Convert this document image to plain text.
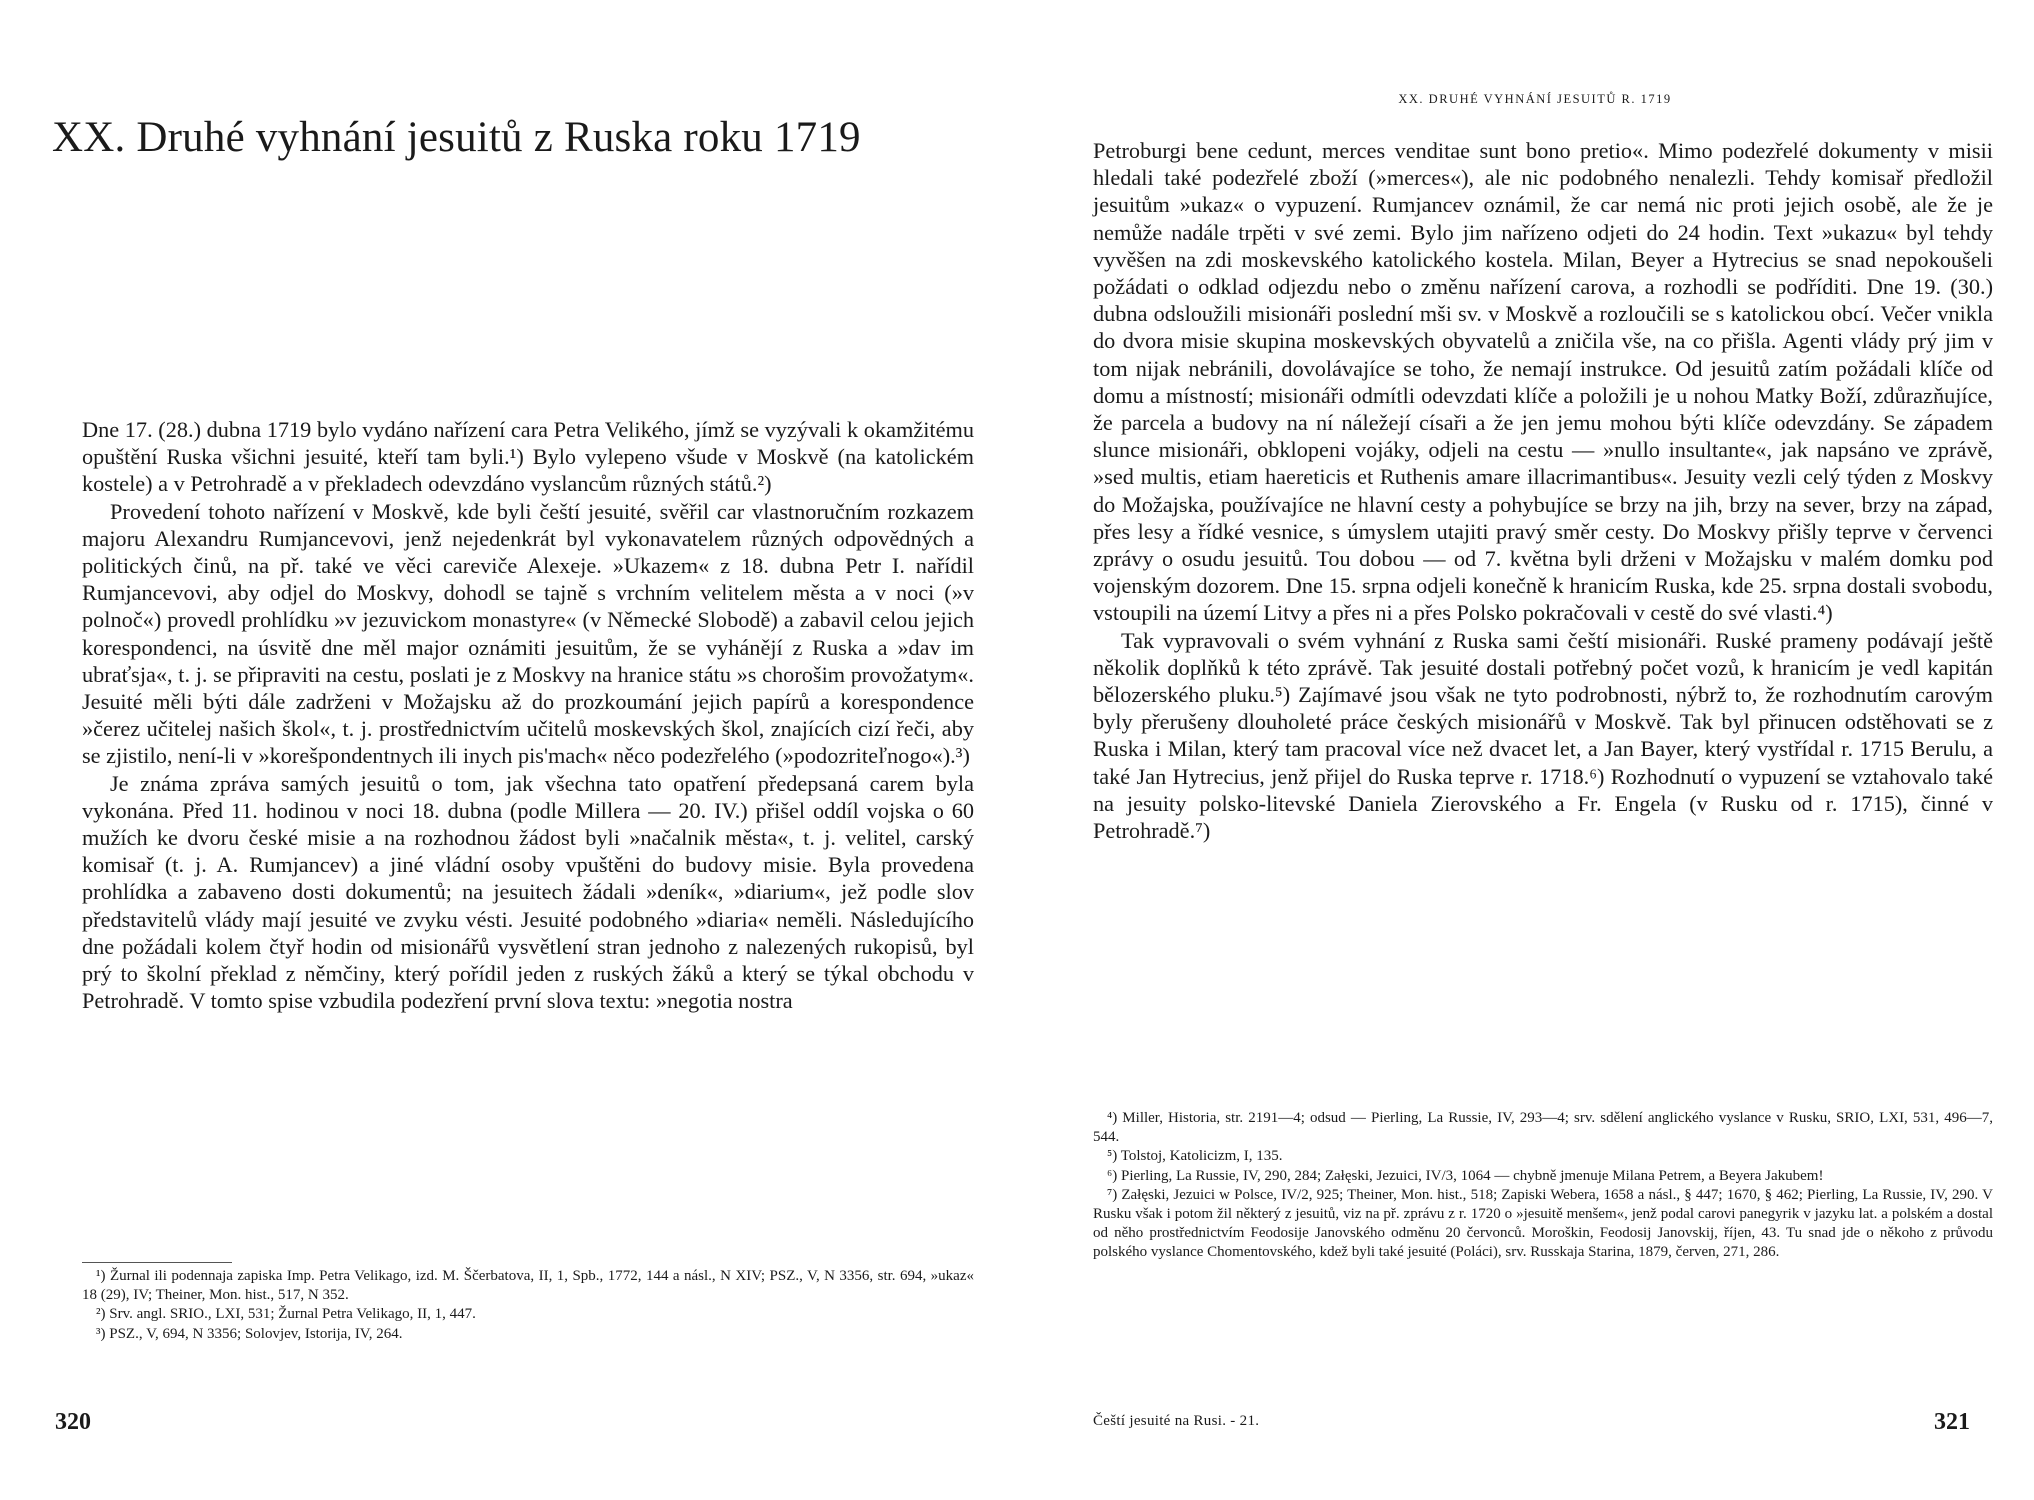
XX. Druhé vyhnání jesuitů z Ruska roku 1719

Dne 17. (28.) dubna 1719 bylo vydáno nařízení cara Petra Velikého, jímž se vyzývali k okamžitému opuštění Ruska všichni jesuité, kteří tam byli.¹) Bylo vylepeno všude v Moskvě (na katolickém kostele) a v Petrohradě a v překladech odevzdáno vyslancům různých států.²)

Provedení tohoto nařízení v Moskvě, kde byli čeští jesuité, svěřil car vlastnoručním rozkazem majoru Alexandru Rumjancevovi, jenž nejedenkrát byl vykonavatelem různých odpovědných a politických činů, na př. také ve věci careviče Alexeje. »Ukazem« z 18. dubna Petr I. nařídil Rumjancevovi, aby odjel do Moskvy, dohodl se tajně s vrchním velitelem města a v noci (»v polnoč«) provedl prohlídku »v jezuvickom monastyre« (v Německé Slobodě) a zabavil celou jejich korespondenci, na úsvitě dne měl major oznámiti jesuitům, že se vyhánějí z Ruska a »dav im ubraťsja«, t. j. se připraviti na cestu, poslati je z Moskvy na hranice státu »s chorošim provožatym«. Jesuité měli býti dále zadrženi v Možajsku až do prozkoumání jejich papírů a korespondence »čerez učitelej našich škol«, t. j. prostřednictvím učitelů moskevských škol, znajících cizí řeči, aby se zjistilo, není-li v »korešpondentnych ili inych pis'mach« něco podezřelého (»podozriteľnogo«).³)

Je známa zpráva samých jesuitů o tom, jak všechna tato opatření předepsaná carem byla vykonána. Před 11. hodinou v noci 18. dubna (podle Millera — 20. IV.) přišel oddíl vojska o 60 mužích ke dvoru české misie a na rozhodnou žádost byli »načalnik města«, t. j. velitel, carský komisař (t. j. A. Rumjancev) a jiné vládní osoby vpuštěni do budovy misie. Byla provedena prohlídka a zabaveno dosti dokumentů; na jesuitech žádali »deník«, »diarium«, jež podle slov představitelů vlády mají jesuité ve zvyku vésti. Jesuité podobného »diaria« neměli. Následujícího dne požádali kolem čtyř hodin od misionářů vysvětlení stran jednoho z nalezených rukopisů, byl prý to školní překlad z němčiny, který pořídil jeden z ruských žáků a který se týkal obchodu v Petrohradě. V tomto spise vzbudila podezření první slova textu: »negotia nostra

¹) Žurnal ili podennaja zapiska Imp. Petra Velikago, izd. M. Ščerbatova, II, 1, Spb., 1772, 144 a násl., N XIV; PSZ., V, N 3356, str. 694, »ukaz« 18 (29), IV; Theiner, Mon. hist., 517, N 352.

²) Srv. angl. SRIO., LXI, 531; Žurnal Petra Velikago, II, 1, 447.

³) PSZ., V, 694, N 3356; Solovjev, Istorija, IV, 264.

320
XX. DRUHÉ VYHNÁNÍ JESUITŮ R. 1719

Petroburgi bene cedunt, merces venditae sunt bono pretio«. Mimo podezřelé dokumenty v misii hledali také podezřelé zboží (»merces«), ale nic podobného nenalezli. Tehdy komisař předložil jesuitům »ukaz« o vypuzení. Rumjancev oznámil, že car nemá nic proti jejich osobě, ale že je nemůže nadále trpěti v své zemi. Bylo jim nařízeno odjeti do 24 hodin. Text »ukazu« byl tehdy vyvěšen na zdi moskevského katolického kostela. Milan, Beyer a Hytrecius se snad nepokoušeli požádati o odklad odjezdu nebo o změnu nařízení carova, a rozhodli se podříditi. Dne 19. (30.) dubna odsloužili misionáři poslední mši sv. v Moskvě a rozloučili se s katolickou obcí. Večer vnikla do dvora misie skupina moskevských obyvatelů a zničila vše, na co přišla. Agenti vlády prý jim v tom nijak nebránili, dovolávajíce se toho, že nemají instrukce. Od jesuitů zatím požádali klíče od domu a místností; misionáři odmítli odevzdati klíče a položili je u nohou Matky Boží, zdůrazňujíce, že parcela a budovy na ní náležejí císaři a že jen jemu mohou býti klíče odevzdány. Se západem slunce misionáři, obklopeni vojáky, odjeli na cestu — »nullo insultante«, jak napsáno ve zprávě, »sed multis, etiam haereticis et Ruthenis amare illacrimantibus«. Jesuity vezli celý týden z Moskvy do Možajska, používajíce ne hlavní cesty a pohybujíce se brzy na jih, brzy na sever, brzy na západ, přes lesy a řídké vesnice, s úmyslem utajiti pravý směr cesty. Do Moskvy přišly teprve v červenci zprávy o osudu jesuitů. Tou dobou — od 7. května byli drženi v Možajsku v malém domku pod vojenským dozorem. Dne 15. srpna odjeli konečně k hranicím Ruska, kde 25. srpna dostali svobodu, vstoupili na území Litvy a přes ni a přes Polsko pokračovali v cestě do své vlasti.⁴)

Tak vypravovali o svém vyhnání z Ruska sami čeští misionáři. Ruské prameny podávají ještě několik doplňků k této zprávě. Tak jesuité dostali potřebný počet vozů, k hranicím je vedl kapitán bělozerského pluku.⁵) Zajímavé jsou však ne tyto podrobnosti, nýbrž to, že rozhodnutím carovým byly přerušeny dlouholeté práce českých misionářů v Moskvě. Tak byl přinucen odstěhovati se z Ruska i Milan, který tam pracoval více než dvacet let, a Jan Bayer, který vystřídal r. 1715 Berulu, a také Jan Hytrecius, jenž přijel do Ruska teprve r. 1718.⁶) Rozhodnutí o vypuzení se vztahovalo také na jesuity polsko-litevské Daniela Zierovského a Fr. Engela (v Rusku od r. 1715), činné v Petrohradě.⁷)

⁴) Miller, Historia, str. 2191—4; odsud — Pierling, La Russie, IV, 293—4; srv. sdělení anglického vyslance v Rusku, SRIO, LXI, 531, 496—7, 544.

⁵) Tolstoj, Katolicizm, I, 135.

⁶) Pierling, La Russie, IV, 290, 284; Załęski, Jezuici, IV/3, 1064 — chybně jmenuje Milana Petrem, a Beyera Jakubem!

⁷) Załęski, Jezuici w Polsce, IV/2, 925; Theiner, Mon. hist., 518; Zapiski Webera, 1658 a násl., § 447; 1670, § 462; Pierling, La Russie, IV, 290. V Rusku však i potom žil některý z jesuitů, viz na př. zprávu z r. 1720 o »jesuitě menšem«, jenž podal carovi panegyrik v jazyku lat. a polském a dostal od něho prostřednictvím Feodosije Janovského odměnu 20 červonců. Moroškin, Feodosij Janovskij, říjen, 43. Tu snad jde o někoho z průvodu polského vyslance Chomentovského, kdež byli také jesuité (Poláci), srv. Russkaja Starina, 1879, červen, 271, 286.

Čeští jesuité na Rusi. - 21.	321
